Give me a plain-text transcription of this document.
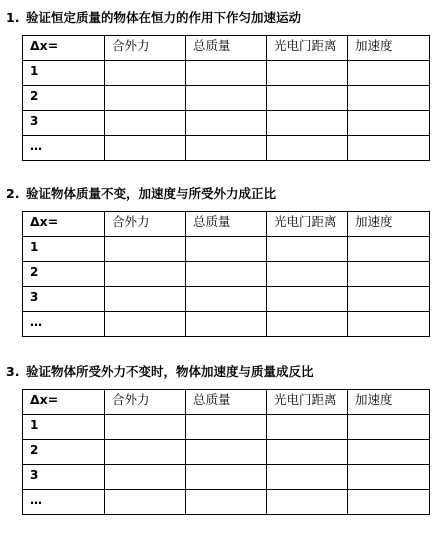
1. 验证恒定质量的物体在恒力的作用下作匀加速运动
Δx=	合外力	总质量	光电门距离	加速度
1				
2				
3				
…				
2. 验证物体质量不变，加速度与所受外力成正比
Δx=	合外力	总质量	光电门距离	加速度
1				
2				
3				
…				
3. 验证物体所受外力不变时，物体加速度与质量成反比
Δx=	合外力	总质量	光电门距离	加速度
1				
2				
3				
…				
